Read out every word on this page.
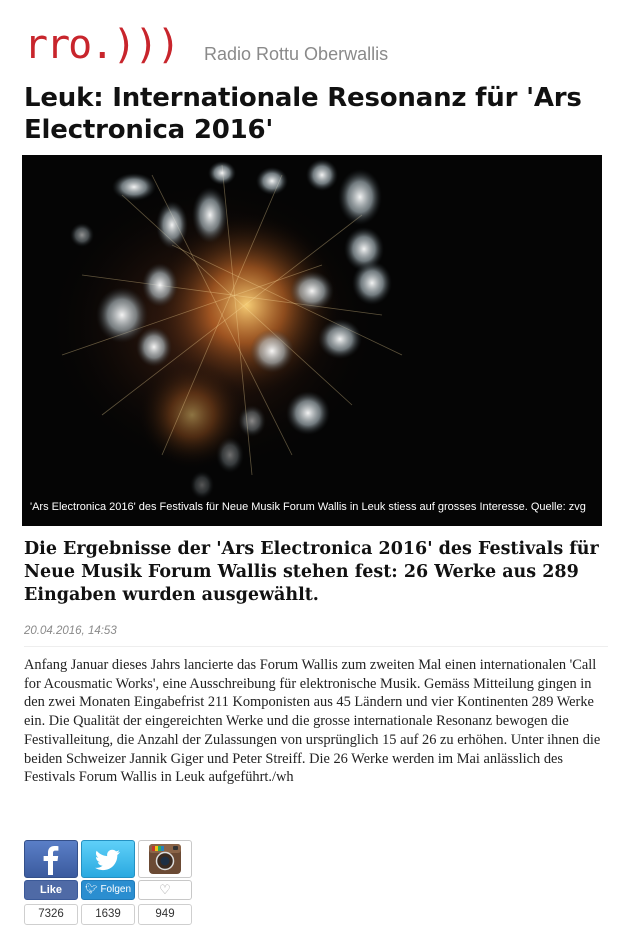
rro.))) Radio Rottu Oberwallis
Leuk: Internationale Resonanz für 'Ars Electronica 2016'
'Ars Electronica 2016' des Festivals für Neue Musik Forum Wallis in Leuk stiess auf grosses Interesse. Quelle: zvg
Die Ergebnisse der 'Ars Electronica 2016' des Festivals für Neue Musik Forum Wallis stehen fest: 26 Werke aus 289 Eingaben wurden ausgewählt.
20.04.2016, 14:53

Anfang Januar dieses Jahrs lancierte das Forum Wallis zum zweiten Mal einen internationalen 'Call for Acousmatic Works', eine Ausschreibung für elektronische Musik. Gemäss Mitteilung gingen in den zwei Monaten Eingabefrist 211 Komponisten aus 45 Ländern und vier Kontinenten 289 Werke ein. Die Qualität der eingereichten Werke und die grosse internationale Resonanz bewogen die Festivalleitung, die Anzahl der Zulassungen von ursprünglich 15 auf 26 zu erhöhen. Unter ihnen die beiden Schweizer Jannik Giger und Peter Streiff. Die 26 Werke werden im Mai anlässlich des Festivals Forum Wallis in Leuk aufgeführt./wh

Like	🐦︎ Folgen	♡
7326	1639	949
